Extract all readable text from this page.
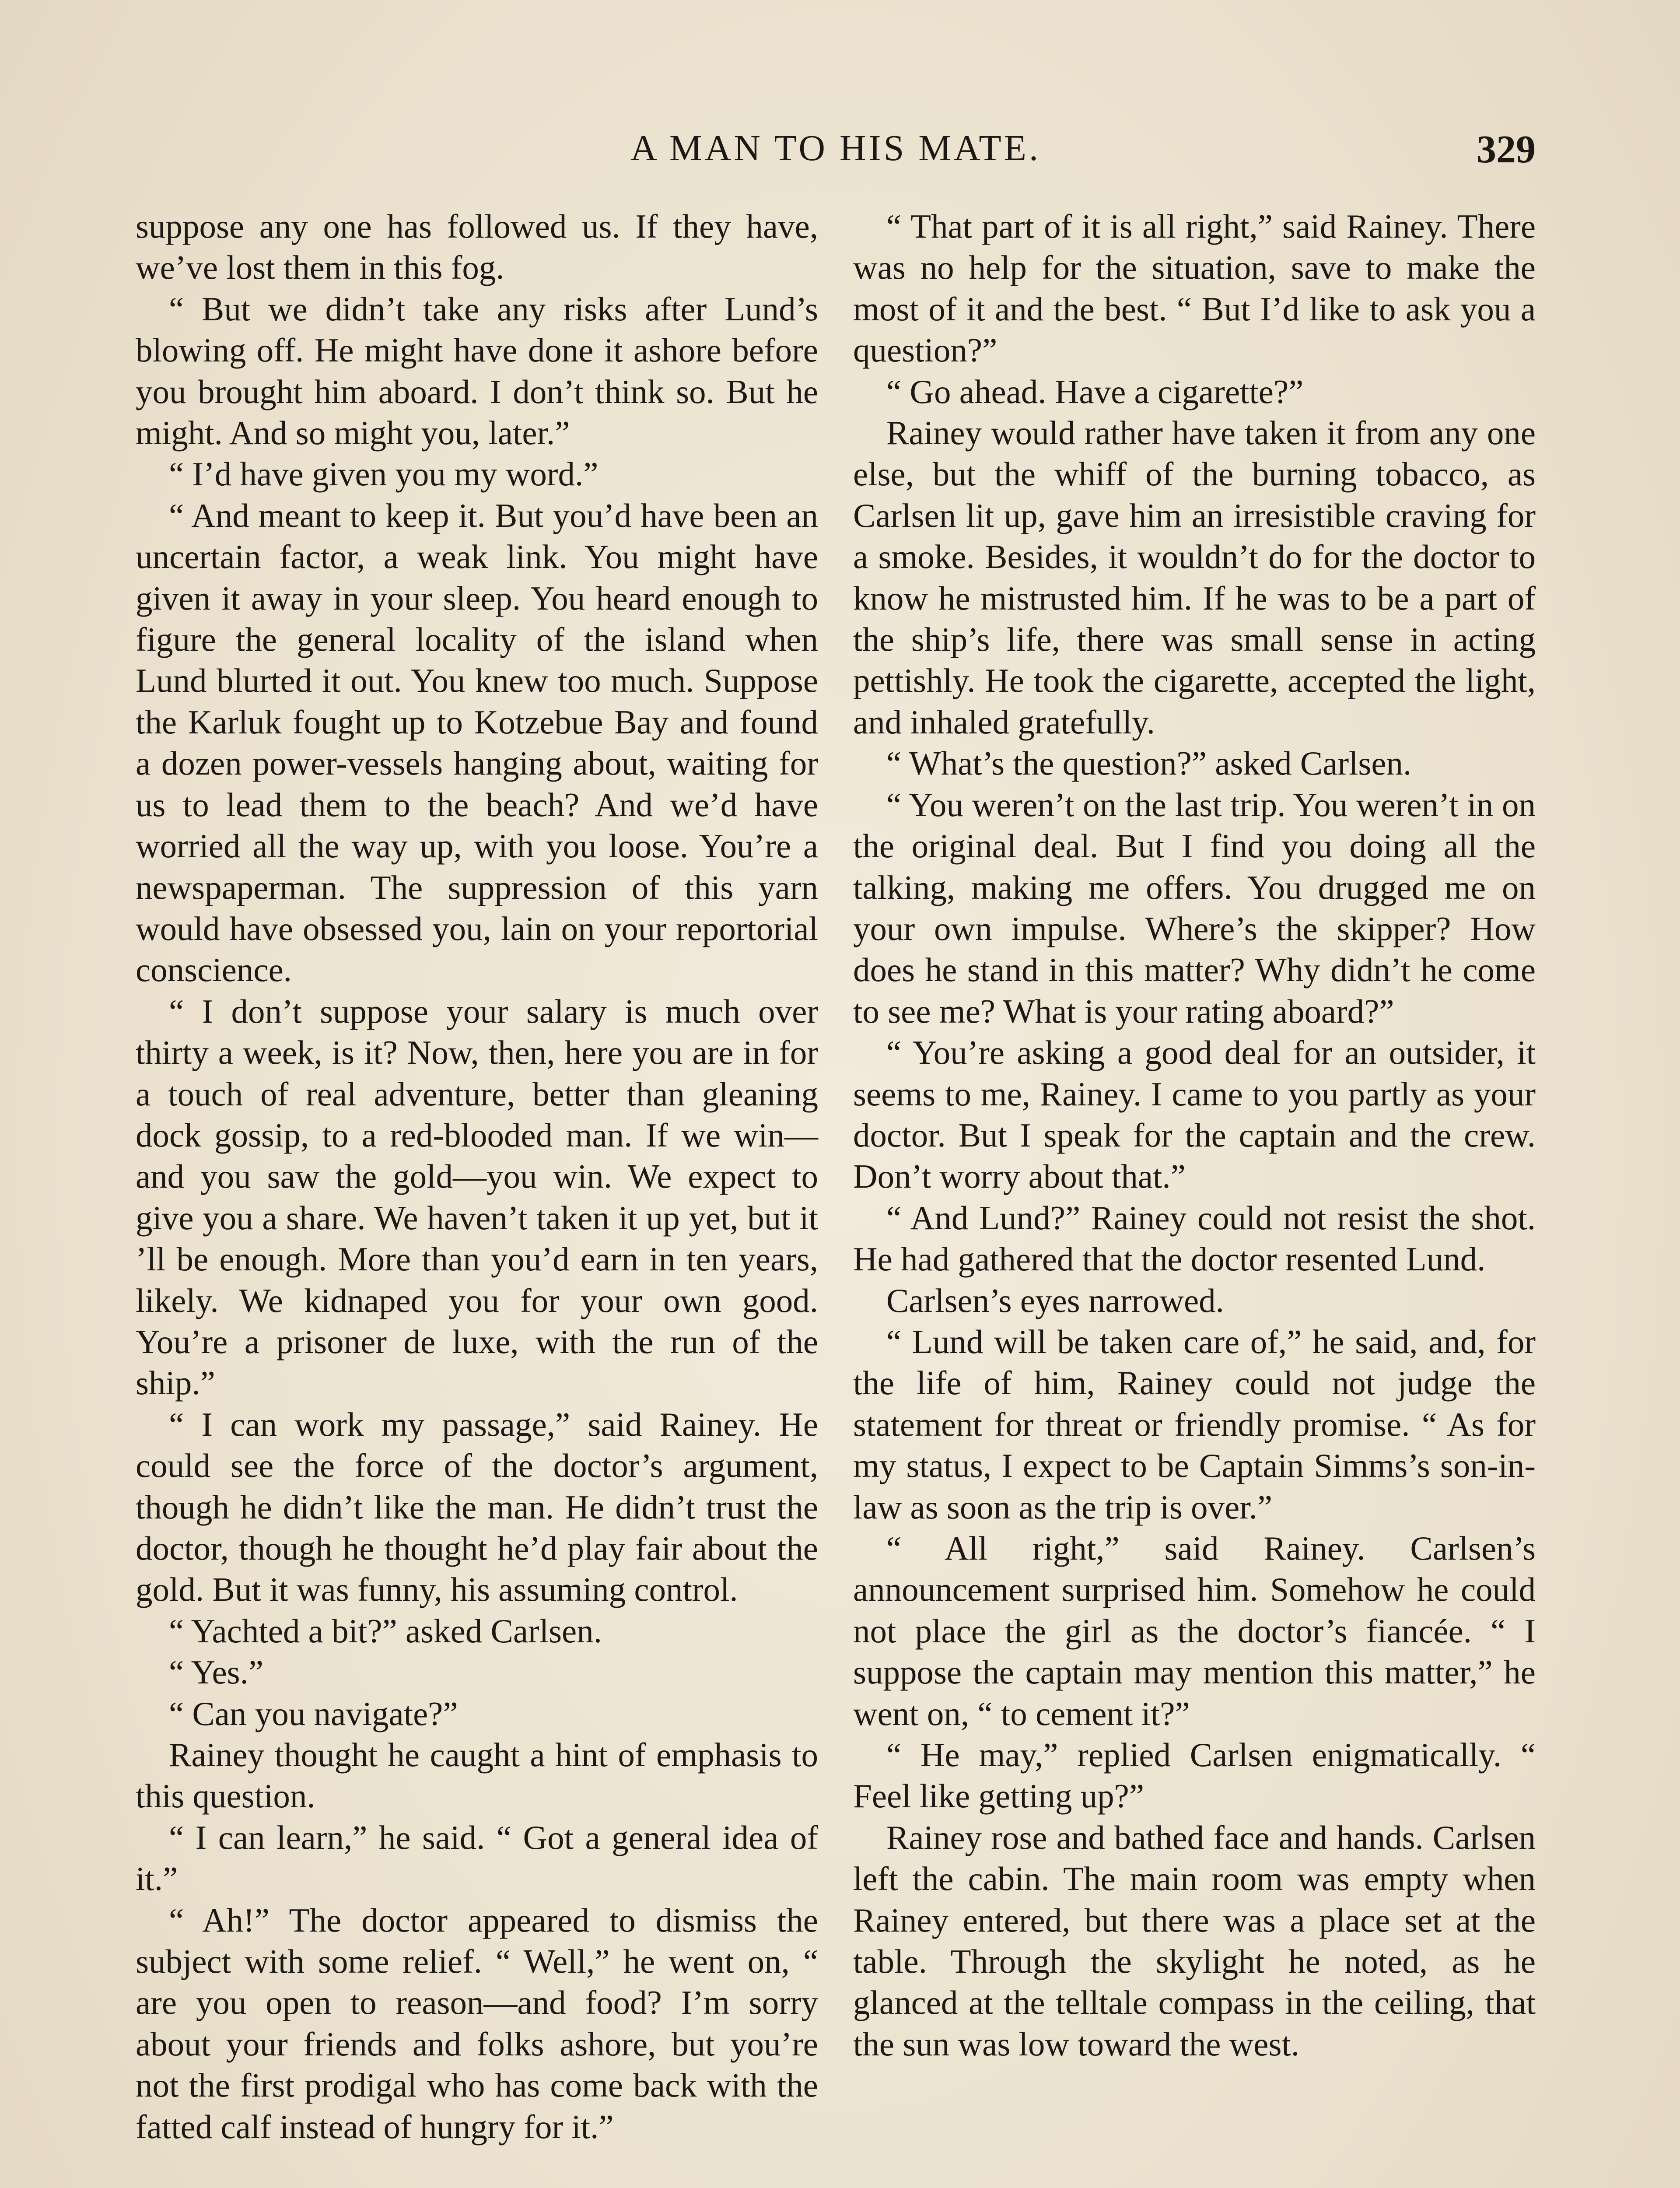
A MAN TO HIS MATE.	329

suppose any one has followed us. If they have, we’ve lost them in this fog.

“ But we didn’t take any risks after Lund’s blowing off. He might have done it ashore before you brought him aboard. I don’t think so. But he might. And so might you, later.”

“ I’d have given you my word.”

“ And meant to keep it. But you’d have been an uncertain factor, a weak link. You might have given it away in your sleep. You heard enough to figure the general locality of the island when Lund blurted it out. You knew too much. Suppose the Karluk fought up to Kotzebue Bay and found a dozen power-vessels hanging about, waiting for us to lead them to the beach? And we’d have worried all the way up, with you loose. You’re a newspaperman. The suppression of this yarn would have obsessed you, lain on your reportorial conscience.

“ I don’t suppose your salary is much over thirty a week, is it? Now, then, here you are in for a touch of real adventure, better than gleaning dock gossip, to a red-blooded man. If we win—and you saw the gold—you win. We expect to give you a share. We haven’t taken it up yet, but it ’ll be enough. More than you’d earn in ten years, likely. We kidnaped you for your own good. You’re a prisoner de luxe, with the run of the ship.”

“ I can work my passage,” said Rainey. He could see the force of the doctor’s argument, though he didn’t like the man. He didn’t trust the doctor, though he thought he’d play fair about the gold. But it was funny, his assuming control.

“ Yachted a bit?” asked Carlsen.

“ Yes.”

“ Can you navigate?”

Rainey thought he caught a hint of emphasis to this question.

“ I can learn,” he said. “ Got a general idea of it.”

“ Ah!” The doctor appeared to dismiss the subject with some relief. “ Well,” he went on, “ are you open to reason—and food? I’m sorry about your friends and folks ashore, but you’re not the first prodigal who has come back with the fatted calf instead of hungry for it.”

“ That part of it is all right,” said Rainey. There was no help for the situation, save to make the most of it and the best. “ But I’d like to ask you a question?”

“ Go ahead. Have a cigarette?”

Rainey would rather have taken it from any one else, but the whiff of the burning tobacco, as Carlsen lit up, gave him an irresistible craving for a smoke. Besides, it wouldn’t do for the doctor to know he mistrusted him. If he was to be a part of the ship’s life, there was small sense in acting pettishly. He took the cigarette, accepted the light, and inhaled gratefully.

“ What’s the question?” asked Carlsen.

“ You weren’t on the last trip. You weren’t in on the original deal. But I find you doing all the talking, making me offers. You drugged me on your own impulse. Where’s the skipper? How does he stand in this matter? Why didn’t he come to see me? What is your rating aboard?”

“ You’re asking a good deal for an outsider, it seems to me, Rainey. I came to you partly as your doctor. But I speak for the captain and the crew. Don’t worry about that.”

“ And Lund?” Rainey could not resist the shot. He had gathered that the doctor resented Lund.

Carlsen’s eyes narrowed.

“ Lund will be taken care of,” he said, and, for the life of him, Rainey could not judge the statement for threat or friendly promise. “ As for my status, I expect to be Captain Simms’s son-in-law as soon as the trip is over.”

“ All right,” said Rainey. Carlsen’s announcement surprised him. Somehow he could not place the girl as the doctor’s fiancée. “ I suppose the captain may mention this matter,” he went on, “ to cement it?”

“ He may,” replied Carlsen enigmatically. “ Feel like getting up?”

Rainey rose and bathed face and hands. Carlsen left the cabin. The main room was empty when Rainey entered, but there was a place set at the table. Through the skylight he noted, as he glanced at the telltale compass in the ceiling, that the sun was low toward the west.
